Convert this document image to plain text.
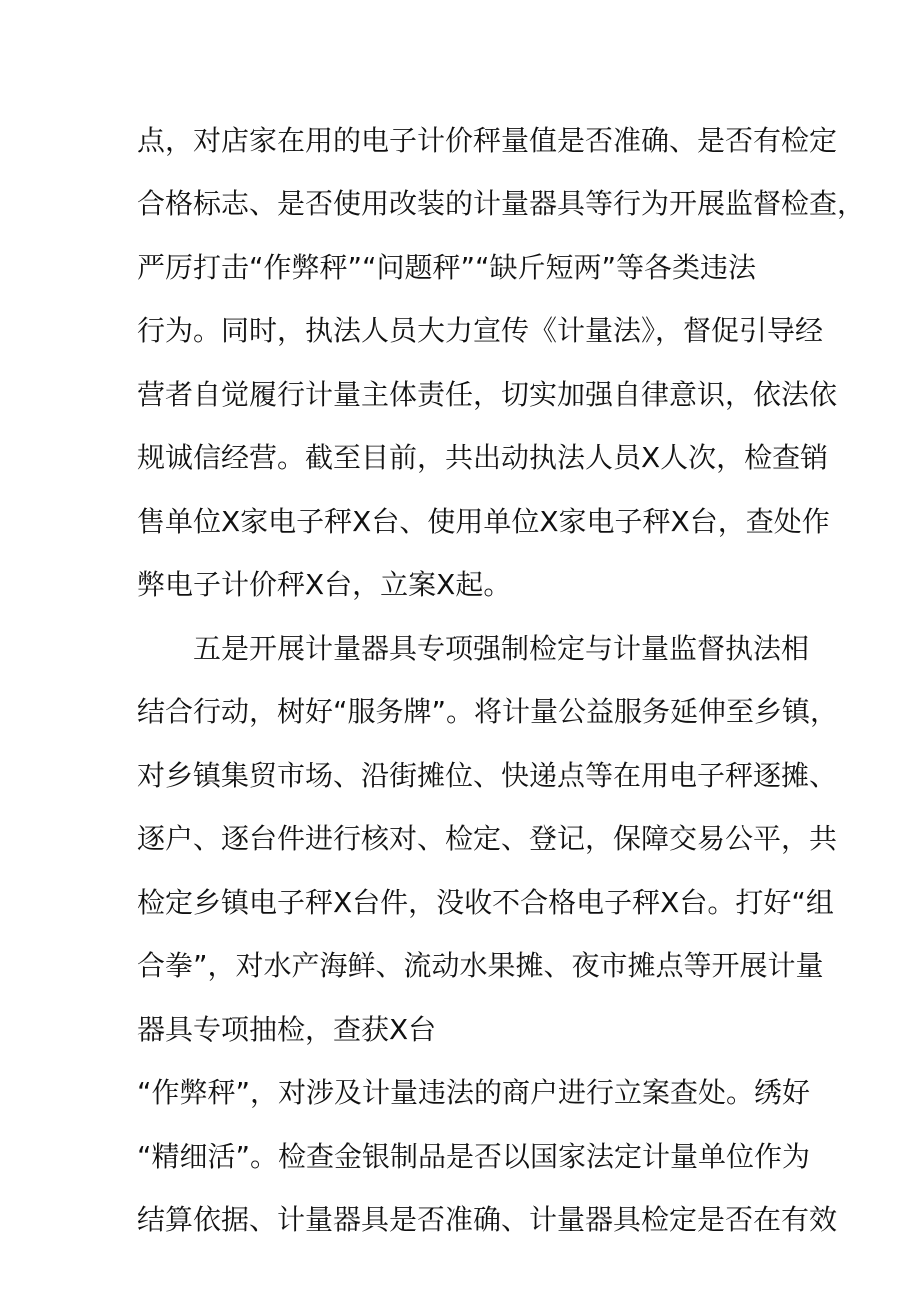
点，对店家在用的电子计价秤量值是否准确、是否有检定
合格标志、是否使用改装的计量器具等行为开展监督检查，
严厉打击“作弊秤”“问题秤”“缺斤短两”等各类违法
行为。同时，执法人员大力宣传《计量法》，督促引导经
营者自觉履行计量主体责任，切实加强自律意识，依法依
规诚信经营。截至目前，共出动执法人员X人次，检查销
售单位X家电子秤X台、使用单位X家电子秤X台，查处作
弊电子计价秤X台，立案X起。
五是开展计量器具专项强制检定与计量监督执法相
结合行动，树好“服务牌”。将计量公益服务延伸至乡镇，
对乡镇集贸市场、沿街摊位、快递点等在用电子秤逐摊、
逐户、逐台件进行核对、检定、登记，保障交易公平，共
检定乡镇电子秤X台件，没收不合格电子秤X台。打好“组
合拳”，对水产海鲜、流动水果摊、夜市摊点等开展计量
器具专项抽检，查获X台
“作弊秤”，对涉及计量违法的商户进行立案查处。绣好
“精细活”。检查金银制品是否以国家法定计量单位作为
结算依据、计量器具是否准确、计量器具检定是否在有效
